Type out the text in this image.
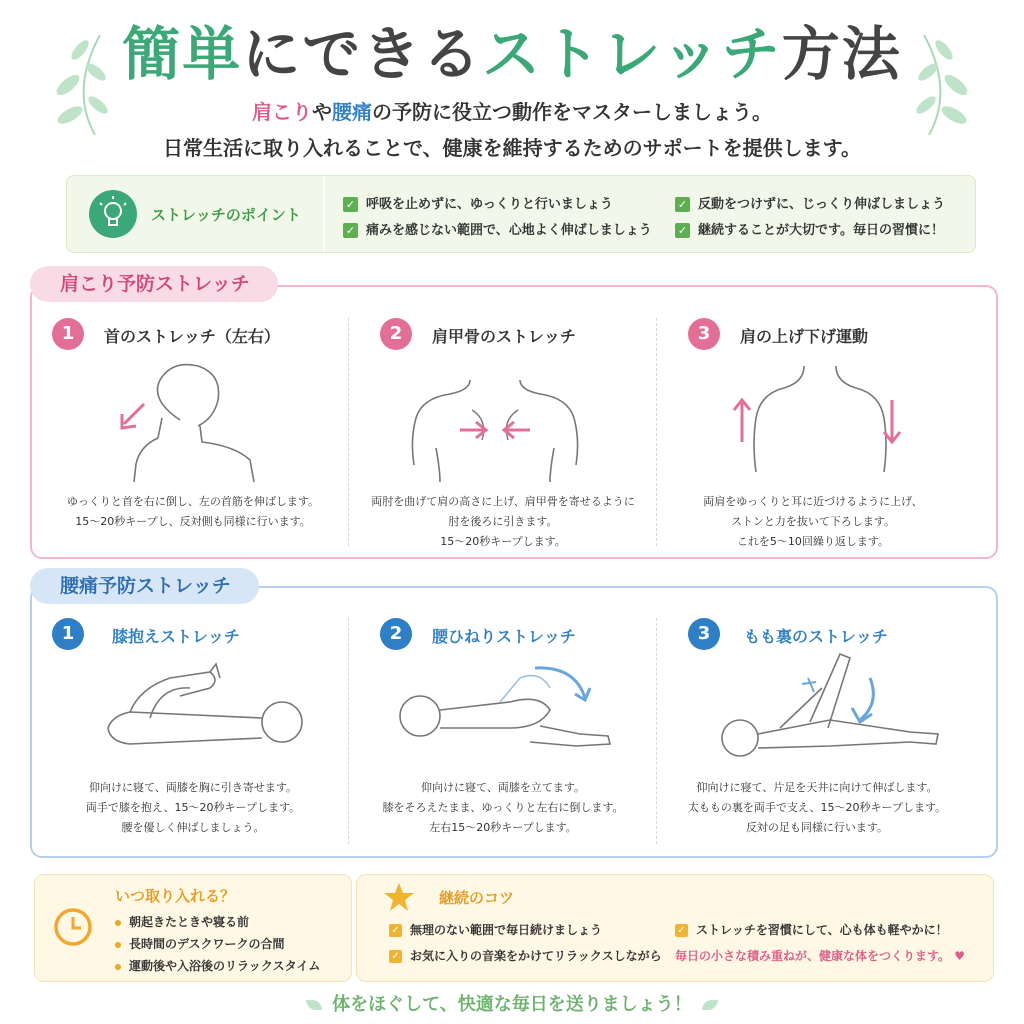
簡単にできるストレッチ方法
肩こりや腰痛の予防に役立つ動作をマスターしましょう。
日常生活に取り入れることで、健康を維持するためのサポートを提供します。
ストレッチのポイント
✓ 呼吸を止めずに、ゆっくりと行いましょう
✓ 痛みを感じない範囲で、心地よく伸ばしましょう
✓ 反動をつけずに、じっくり伸ばしましょう
✓ 継続することが大切です。毎日の習慣に！
肩こり予防ストレッチ
1	首のストレッチ（左右）
ゆっくりと首を右に倒し、左の首筋を伸ばします。
15〜20秒キープし、反対側も同様に行います。
2	肩甲骨のストレッチ
両肘を曲げて肩の高さに上げ、肩甲骨を寄せるように
肘を後ろに引きます。
15〜20秒キープします。
3	肩の上げ下げ運動
両肩をゆっくりと耳に近づけるように上げ、
ストンと力を抜いて下ろします。
これを5〜10回繰り返します。
腰痛予防ストレッチ
1	膝抱えストレッチ
仰向けに寝て、両膝を胸に引き寄せます。
両手で膝を抱え、15〜20秒キープします。
腰を優しく伸ばしましょう。
2	腰ひねりストレッチ
仰向けに寝て、両膝を立てます。
膝をそろえたまま、ゆっくりと左右に倒します。
左右15〜20秒キープします。
3	もも裏のストレッチ
仰向けに寝て、片足を天井に向けて伸ばします。
太ももの裏を両手で支え、15〜20秒キープします。
反対の足も同様に行います。
いつ取り入れる？
朝起きたときや寝る前
長時間のデスクワークの合間
運動後や入浴後のリラックスタイム
継続のコツ
✓ 無理のない範囲で毎日続けましょう
✓ お気に入りの音楽をかけてリラックスしながら
✓ ストレッチを習慣にして、心も体も軽やかに！
毎日の小さな積み重ねが、健康な体をつくります。 ♥
体をほぐして、快適な毎日を送りましょう！
